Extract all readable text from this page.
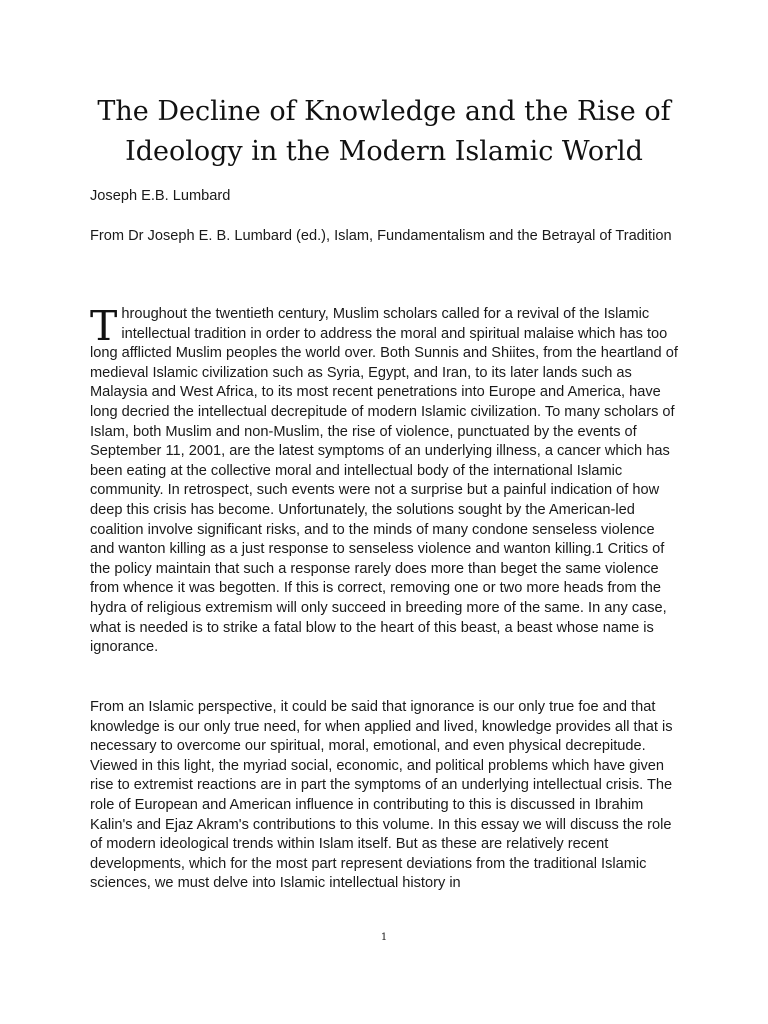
The Decline of Knowledge and the Rise of
Ideology in the Modern Islamic World

Joseph E.B. Lumbard

From Dr Joseph E. B. Lumbard (ed.), Islam, Fundamentalism and the Betrayal of Tradition

Throughout the twentieth century, Muslim scholars called for a revival of the Islamic intellectual tradition in order to address the moral and spiritual malaise which has too long afflicted Muslim peoples the world over. Both Sunnis and Shiites, from the heartland of medieval Islamic civilization such as Syria, Egypt, and Iran, to its later lands such as Malaysia and West Africa, to its most recent penetrations into Europe and America, have long decried the intellectual decrepitude of modern Islamic civilization. To many scholars of Islam, both Muslim and non-Muslim, the rise of violence, punctuated by the events of September 11, 2001, are the latest symptoms of an underlying illness, a cancer which has been eating at the collective moral and intellectual body of the international Islamic community. In retrospect, such events were not a surprise but a painful indication of how deep this crisis has become. Unfortunately, the solutions sought by the American-led coalition involve significant risks, and to the minds of many condone senseless violence and wanton killing as a just response to senseless violence and wanton killing.1 Critics of the policy maintain that such a response rarely does more than beget the same violence from whence it was begotten. If this is correct, removing one or two more heads from the hydra of religious extremism will only succeed in breeding more of the same. In any case, what is needed is to strike a fatal blow to the heart of this beast, a beast whose name is ignorance.

From an Islamic perspective, it could be said that ignorance is our only true foe and that knowledge is our only true need, for when applied and lived, knowledge provides all that is necessary to overcome our spiritual, moral, emotional, and even physical decrepitude. Viewed in this light, the myriad social, economic, and political problems which have given rise to extremist reactions are in part the symptoms of an underlying intellectual crisis. The role of European and American influence in contributing to this is discussed in Ibrahim Kalin's and Ejaz Akram's contributions to this volume. In this essay we will discuss the role of modern ideological trends within Islam itself. But as these are relatively recent developments, which for the most part represent deviations from the traditional Islamic sciences, we must delve into Islamic intellectual history in

1
